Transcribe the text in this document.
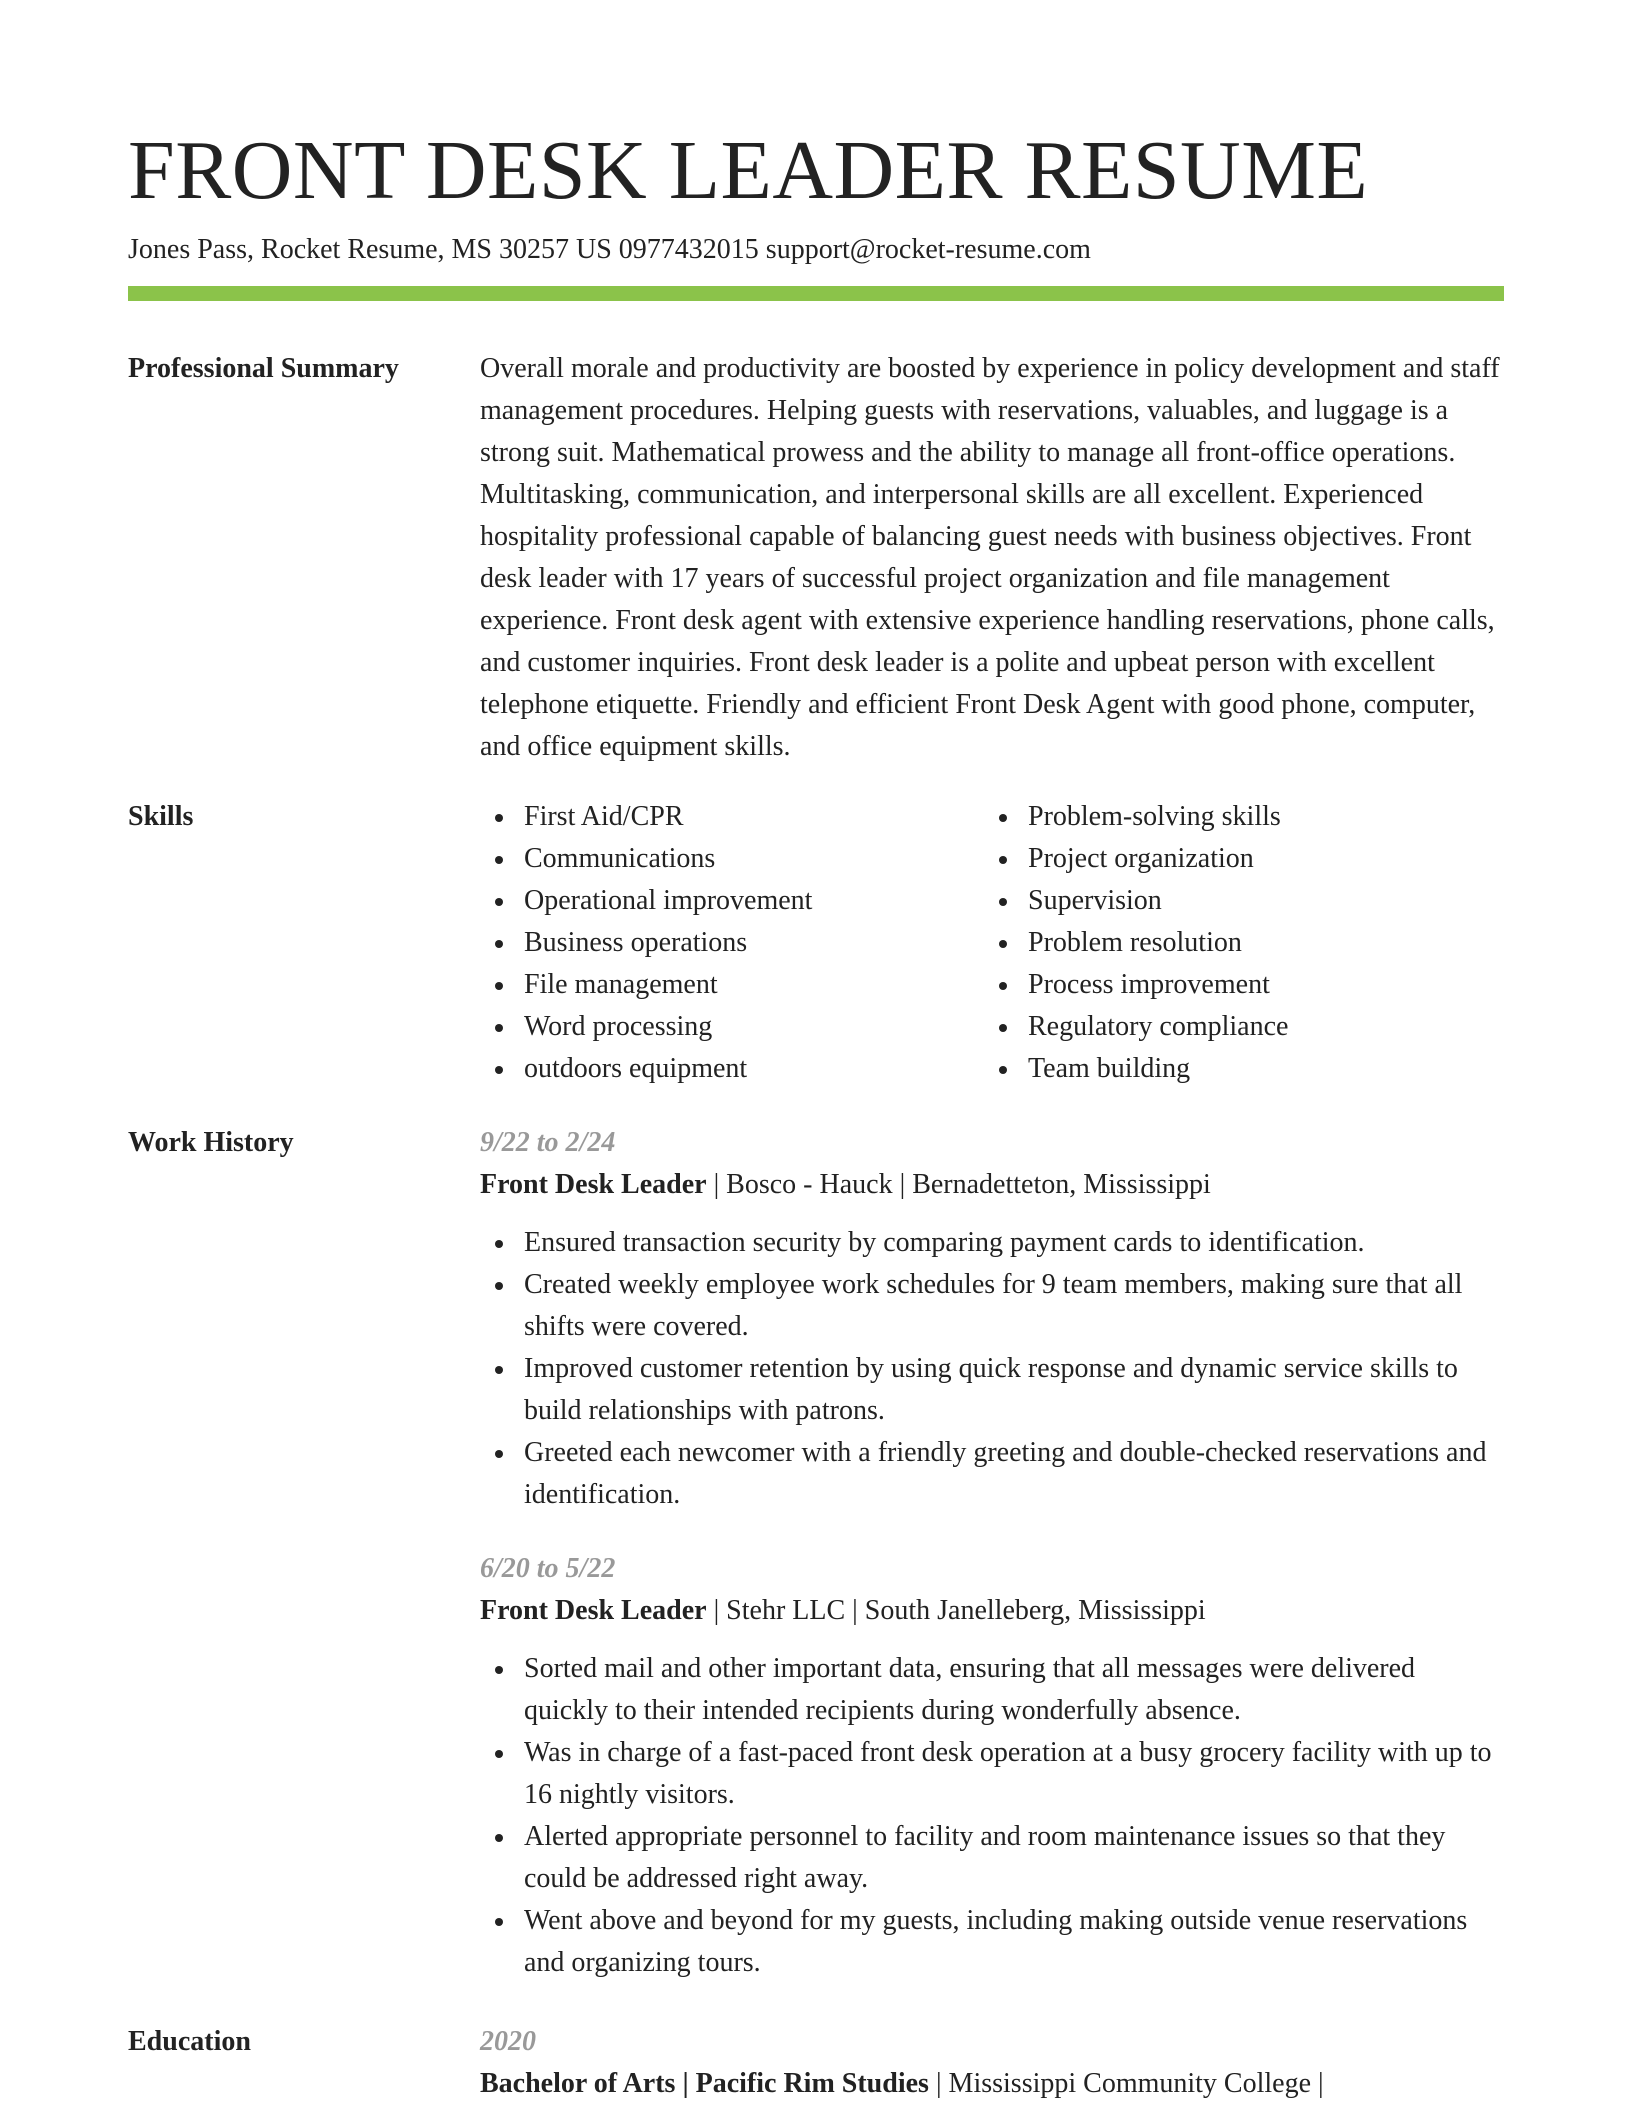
FRONT DESK LEADER RESUME
Jones Pass, Rocket Resume, MS 30257 US 0977432015 support@rocket-resume.com
Professional Summary	Overall morale and productivity are boosted by experience in policy development and staff management procedures. Helping guests with reservations, valuables, and luggage is a strong suit. Mathematical prowess and the ability to manage all front-office operations. Multitasking, communication, and interpersonal skills are all excellent. Experienced hospitality professional capable of balancing guest needs with business objectives. Front desk leader with 17 years of successful project organization and file management experience. Front desk agent with extensive experience handling reservations, phone calls, and customer inquiries. Front desk leader is a polite and upbeat person with excellent telephone etiquette. Friendly and efficient Front Desk Agent with good phone, computer, and office equipment skills.

Skills	First Aid/CPR
Communications
Operational improvement
Business operations
File management
Word processing
outdoors equipment
Problem-solving skills
Project organization
Supervision
Problem resolution
Process improvement
Regulatory compliance
Team building
Work History	9/22 to 2/24
Front Desk Leader | Bosco - Hauck | Bernadetteton, Mississippi
Ensured transaction security by comparing payment cards to identification.
Created weekly employee work schedules for 9 team members, making sure that all shifts were covered.
Improved customer retention by using quick response and dynamic service skills to build relationships with patrons.
Greeted each newcomer with a friendly greeting and double-checked reservations and identification.
6/20 to 5/22
Front Desk Leader | Stehr LLC | South Janelleberg, Mississippi
Sorted mail and other important data, ensuring that all messages were delivered quickly to their intended recipients during wonderfully absence.
Was in charge of a fast-paced front desk operation at a busy grocery facility with up to 16 nightly visitors.
Alerted appropriate personnel to facility and room maintenance issues so that they could be addressed right away.
Went above and beyond for my guests, including making outside venue reservations and organizing tours.
Education	2020
Bachelor of Arts | Pacific Rim Studies | Mississippi Community College |
